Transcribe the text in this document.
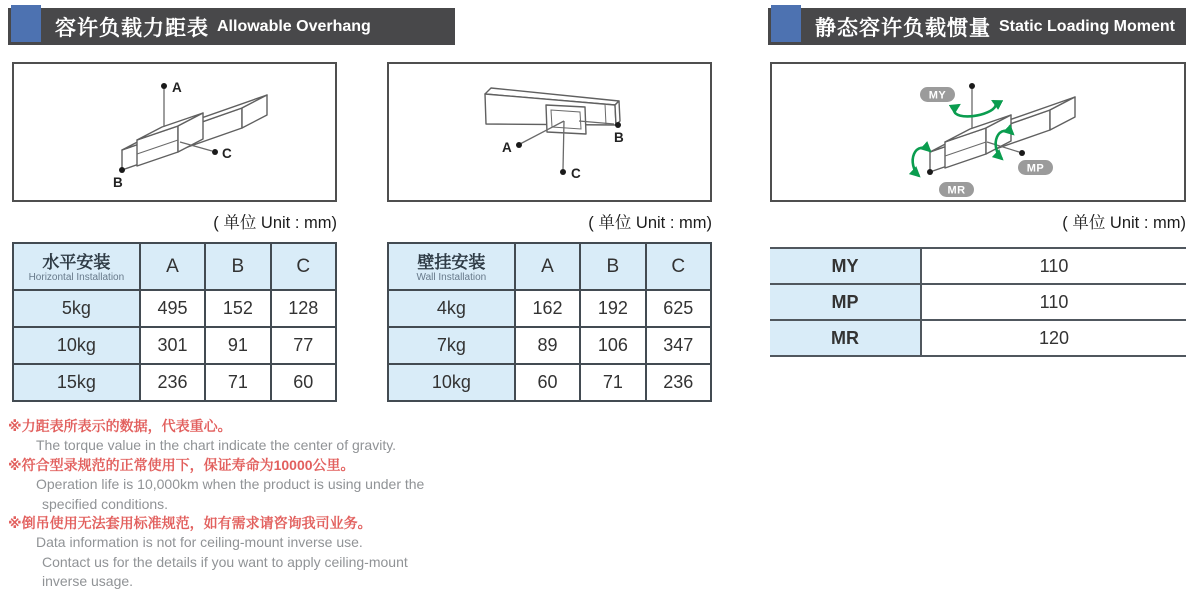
容许负载力距表 Allowable Overhang
A
C
B
( 单位 Unit : mm)
水平安装
Horizontal Installation	A	B	C
5kg	495	152	128
10kg	301	91	77
15kg	236	71	60
B
A
C
( 单位 Unit : mm)
壁挂安装
Wall Installation	A	B	C
4kg	162	192	625
7kg	89	106	347
10kg	60	71	236
※力距表所表示的数据，代表重心。
The torque value in the chart indicate the center of gravity.
※符合型录规范的正常使用下，保证寿命为10000公里。
Operation life is 10,000km when the product is using under the
specified conditions.
※倒吊使用无法套用标准规范，如有需求请咨询我司业务。
Data information is not for ceiling-mount inverse use.
Contact us for the details if you want to apply ceiling-mount
inverse usage.
静态容许负载惯量 Static Loading Moment
MY
MP
MR
( 单位 Unit : mm)
MY	110
MP	110
MR	120
